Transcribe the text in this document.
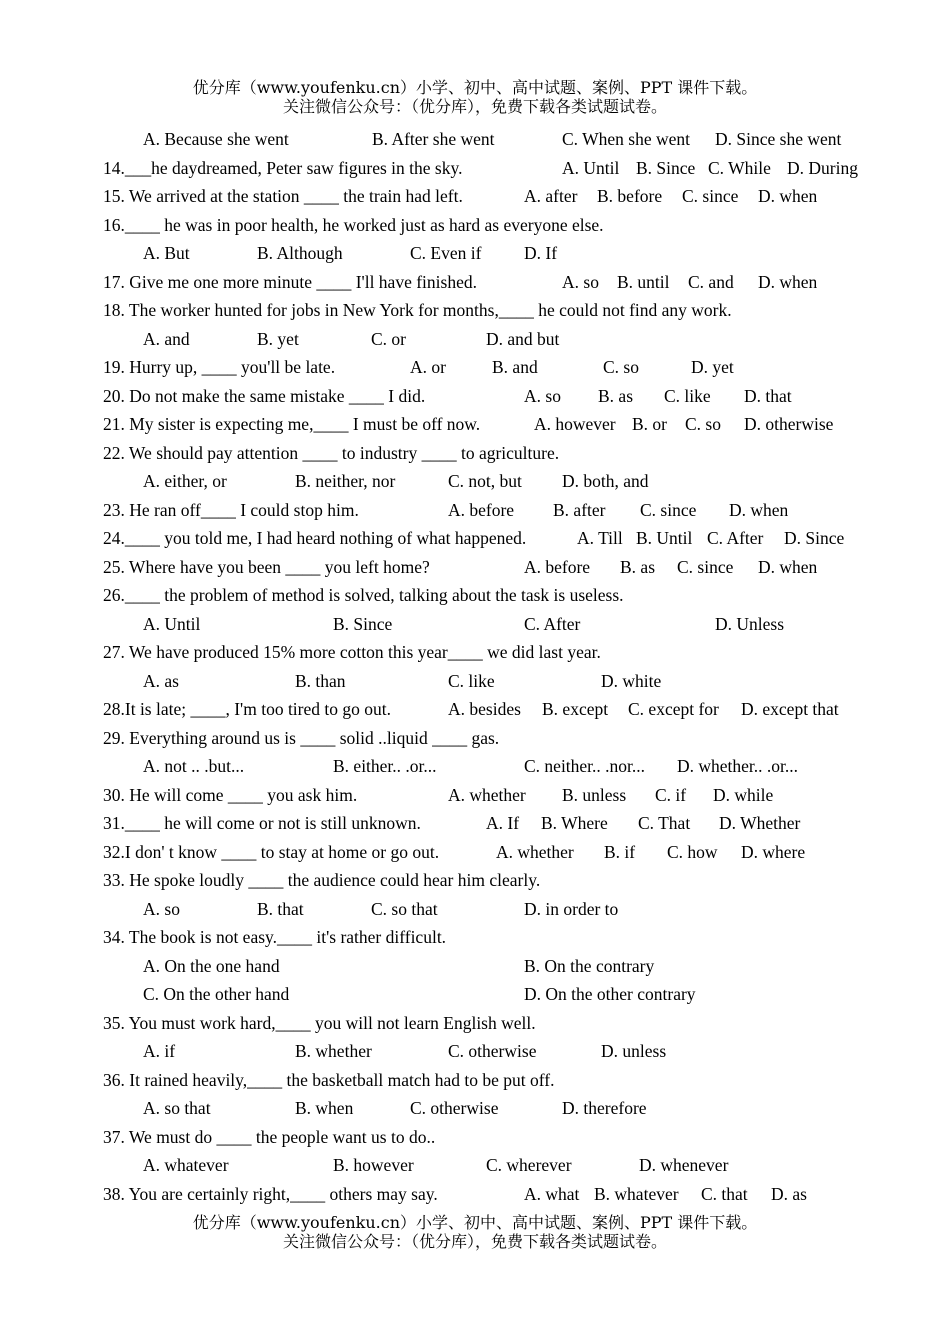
优分库（www.youfenku.cn）小学、初中、高中试题、案例、PPT 课件下载。
关注微信公众号：（优分库），免费下载各类试题试卷。
A. Because she went	B. After she went	C. When she went D. Since she went
14.___he daydreamed, Peter saw figures in the sky.	A. Until B. Since C. While D. During
15. We arrived at the station ____ the train had left.	A. after B. before C. since D. when
16.____ he was in poor health, he worked just as hard as everyone else.
A. But	B. Although	C. Even if D. If
17. Give me one more minute ____ I'll have finished.	A. so B. until C. and D. when
18. The worker hunted for jobs in New York for months,____ he could not find any work.
A. and	B. yet	C. or	D. and but
19. Hurry up, ____ you'll be late.	A. or	B. and	C. so	D. yet
20. Do not make the same mistake ____ I did.	A. so B. as C. like D. that
21. My sister is expecting me,____ I must be off now.	A. however B. or C. so D. otherwise
22. We should pay attention ____ to industry ____ to agriculture.
A. either, or	B. neither, nor	C. not, but D. both, and
23. He ran off____ I could stop him.	A. before B. after C. since D. when
24.____ you told me, I had heard nothing of what happened.	A. Till B. Until C. After D. Since
25. Where have you been ____ you left home?	A. before B. as C. since D. when
26.____ the problem of method is solved, talking about the task is useless.
A. Until	B. Since	C. After	D. Unless
27. We have produced 15% more cotton this year____ we did last year.
A. as	B. than	C. like	D. white
28.It is late; ____, I'm too tired to go out.	A. besides B. except C. except for D. except that
29. Everything around us is ____ solid ..liquid ____ gas.
A. not .. .but...	B. either.. .or...	C. neither.. .nor... D. whether.. .or...
30. He will come ____ you ask him.	A. whether B. unless C. if D. while
31.____ he will come or not is still unknown.	A. If B. Where C. That D. Whether
32.I don' t know ____ to stay at home or go out.	A. whether B. if C. how D. where
33. He spoke loudly ____ the audience could hear him clearly.
A. so	B. that	C. so that	D. in order to
34. The book is not easy.____ it's rather difficult.
A. On the one hand	B. On the contrary
C. On the other hand	D. On the other contrary
35. You must work hard,____ you will not learn English well.
A. if	B. whether	C. otherwise	D. unless
36. It rained heavily,____ the basketball match had to be put off.
A. so that	B. when	C. otherwise	D. therefore
37. We must do ____ the people want us to do..
A. whatever	B. however	C. wherever	D. whenever
38. You are certainly right,____ others may say.	A. what B. whatever C. that D. as
优分库（www.youfenku.cn）小学、初中、高中试题、案例、PPT 课件下载。
关注微信公众号：（优分库），免费下载各类试题试卷。
